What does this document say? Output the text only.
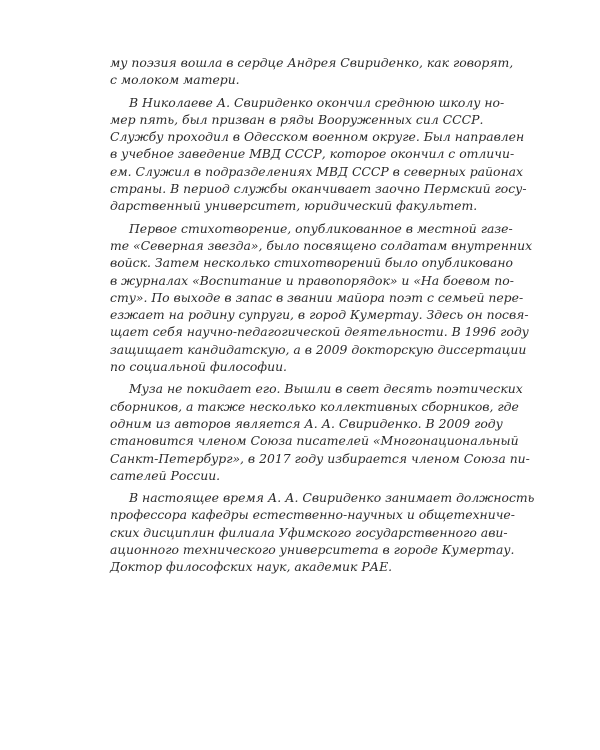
му поэзия вошла в сердце Андрея Свириденко, как говорят,
с молоком матери.

В Николаеве А. Свириденко окончил среднюю школу но-
мер пять, был призван в ряды Вооруженных сил СССР.
Службу проходил в Одесском военном округе. Был направлен
в учебное заведение МВД СССР, которое окончил с отличи-
ем. Служил в подразделениях МВД СССР в северных районах
страны. В период службы оканчивает заочно Пермский госу-
дарственный университет, юридический факультет.

Первое стихотворение, опубликованное в местной газе-
те «Северная звезда», было посвящено солдатам внутренних
войск. Затем несколько стихотворений было опубликовано
в журналах «Воспитание и правопорядок» и «На боевом по-
сту». По выходе в запас в звании майора поэт с семьей пере-
езжает на родину супруги, в город Кумертау. Здесь он посвя-
щает себя научно-педагогической деятельности. В 1996 году
защищает кандидатскую, а в 2009 докторскую диссертации
по социальной философии.

Муза не покидает его. Вышли в свет десять поэтических
сборников, а также несколько коллективных сборников, где
одним из авторов является А. А. Свириденко. В 2009 году
становится членом Союза писателей «Многонациональный
Санкт-Петербург», в 2017 году избирается членом Союза пи-
сателей России.

В настоящее время А. А. Свириденко занимает должность
профессора кафедры естественно-научных и общетехниче-
ских дисциплин филиала Уфимского государственного ави-
ационного технического университета в городе Кумертау.
Доктор философских наук, академик РАЕ.
